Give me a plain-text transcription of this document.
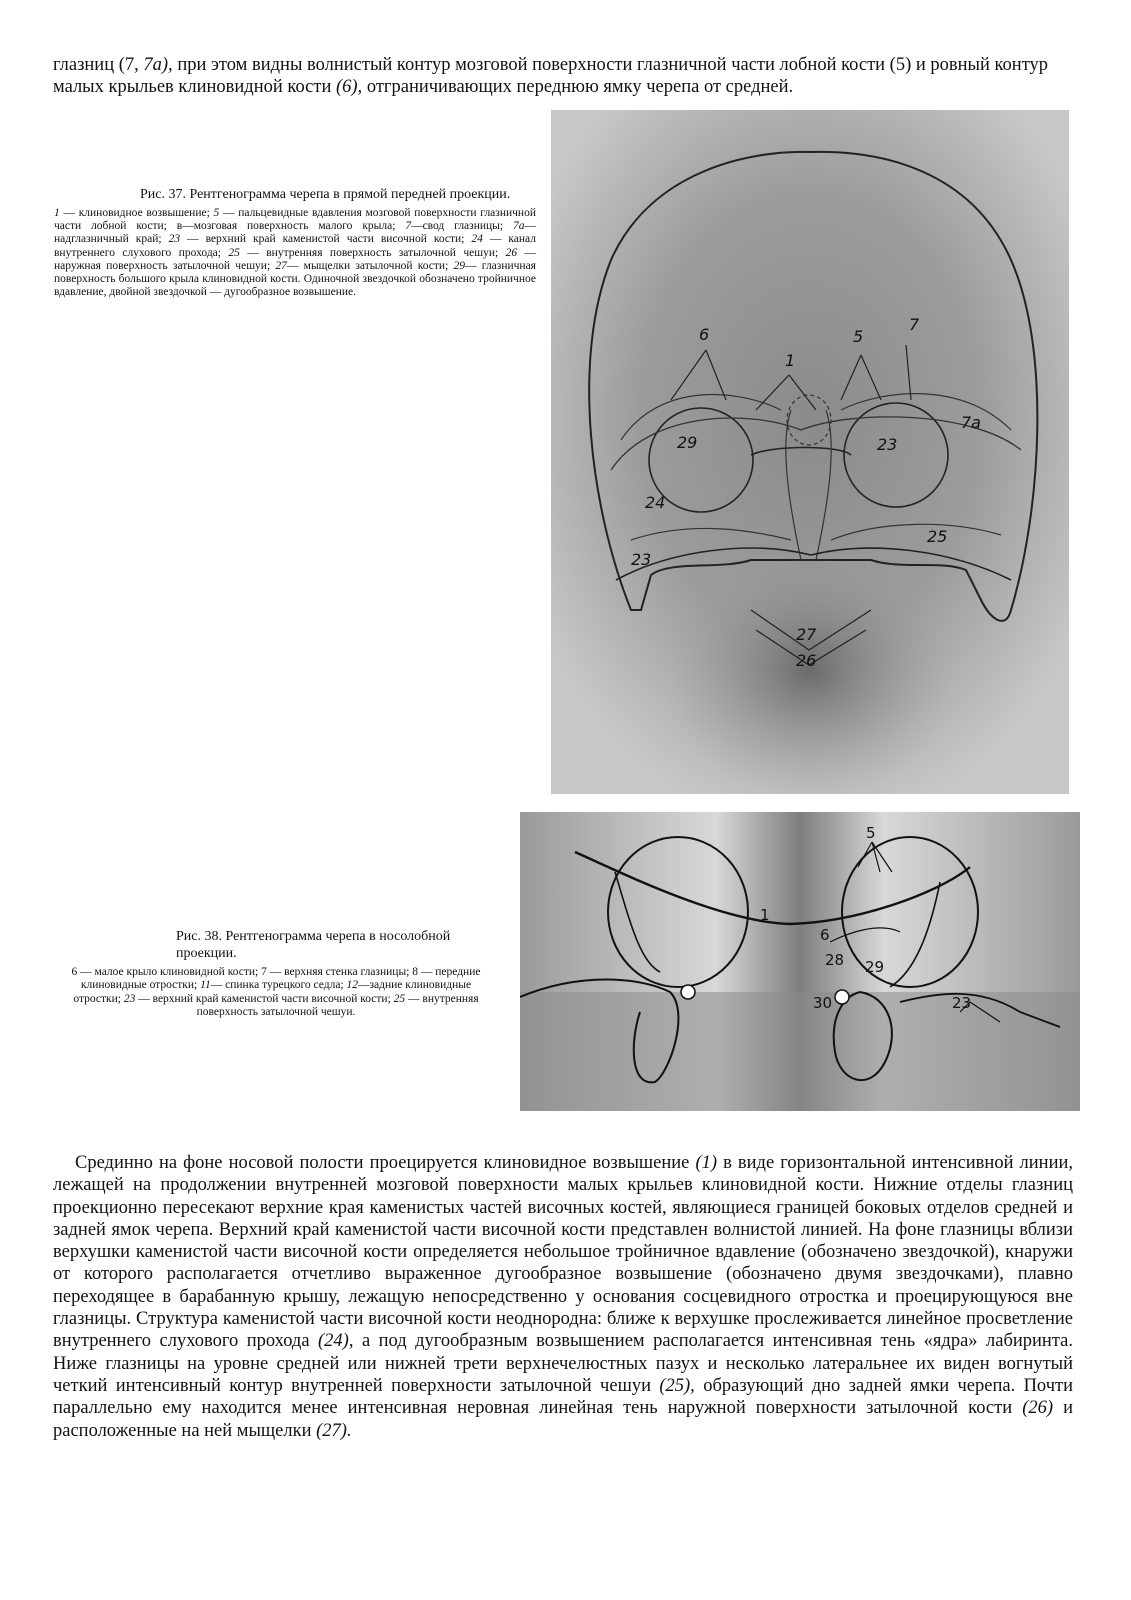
глазниц (7, 7а), при этом видны волнистый контур мозговой поверхности глазничной части лобной кости (5) и ровный контур малых крыльев клиновидной кости (6), отграничивающих переднюю ямку черепа от средней.
Рис. 37. Рентгенограмма черепа в прямой передней проекции.
1 — клиновидное возвышение; 5 — пальцевидные вдавления мозговой поверхности глазничной части лобной кости; в—мозговая поверхность малого крыла; 7—свод глазницы; 7а—надглазничный край; 23 — верхний край каменистой части височной кости; 24 — канал внутреннего слухового прохода; 25 — внутренняя поверхность затылочной чешуи; 26 — наружная поверхность затылочной чешуи; 27— мыщелки затылочной кости; 29— глазничная поверхность большого крыла клиновидной кости. Одиночной звездочкой обозначено тройничное вдавление, двойной звездочкой — дугообразное возвышение.
6
1
5
7
7а
29	23
23
24
25
27
26
Рис. 38. Рентгенограмма черепа в носолобной проекции.
6 — малое крыло клиновидной кости; 7 — верхняя стенка глазницы; 8 — передние клиновидные отростки; 11— спинка турецкого седла; 12—задние клиновидные отростки; 23 — верхний край каменистой части височной кости; 25 — внутренняя поверхность затылочной чешуи.
5
1
6
28 29
30	23

Срединно на фоне носовой полости проецируется клиновидное возвышение (1) в виде горизонтальной интенсивной линии, лежащей на продолжении внутренней мозговой поверхности малых крыльев клиновидной кости. Нижние отделы глазниц проекционно пересекают верхние края каменистых частей височных костей, являющиеся границей боковых отделов средней и задней ямок черепа. Верхний край каменистой части височной кости представлен волнистой линией. На фоне глазницы вблизи верхушки каменистой части височной кости определяется небольшое тройничное вдавление (обозначено звездочкой), кнаружи от которого располагается отчетливо выраженное дугообразное возвышение (обозначено двумя звездочками), плавно переходящее в барабанную крышу, лежащую непосредственно у основания сосцевидного отростка и проецирующуюся вне глазницы. Структура каменистой части височной кости неоднородна: ближе к верхушке прослеживается линейное просветление внутреннего слухового прохода (24), а под дугообразным возвышением располагается интенсивная тень «ядра» лабиринта. Ниже глазницы на уровне средней или нижней трети верхнечелюстных пазух и несколько латеральнее их виден вогнутый четкий интенсивный контур внутренней поверхности затылочной чешуи (25), образующий дно задней ямки черепа. Почти параллельно ему находится менее интенсивная неровная линейная тень наружной поверхности затылочной кости (26) и расположенные на ней мыщелки (27).
